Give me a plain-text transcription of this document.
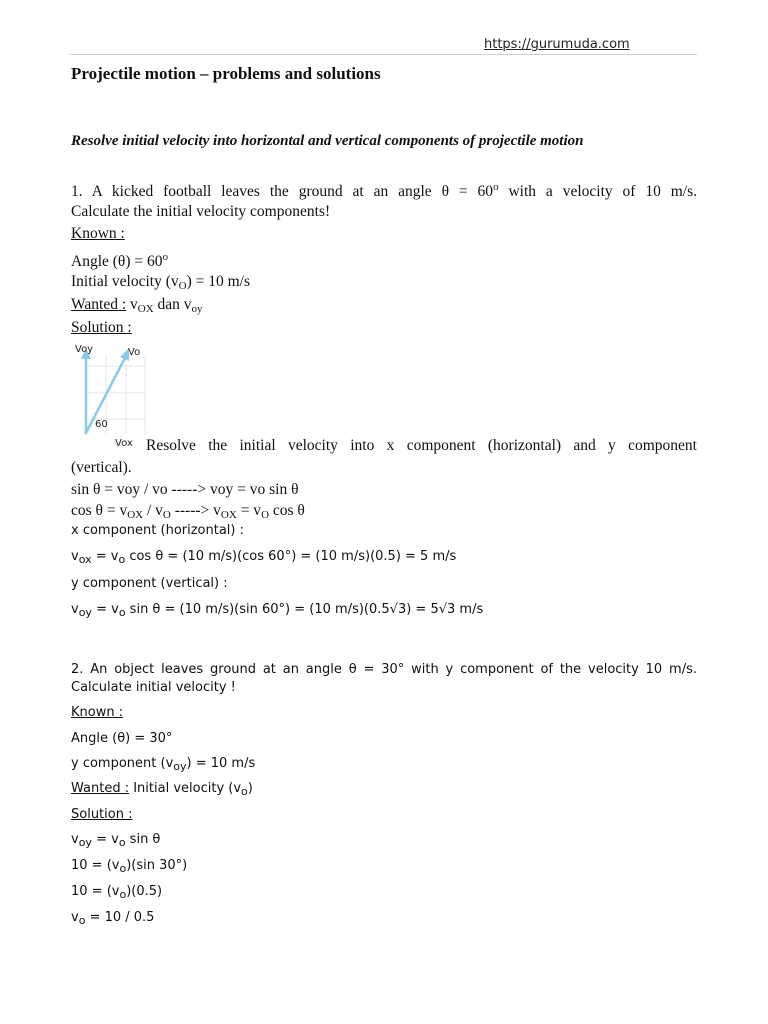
https://gurumuda.com
Projectile motion – problems and solutions
Resolve initial velocity into horizontal and vertical components of projectile motion
1. A kicked football leaves the ground at an angle $\theta = 60^o$ with a velocity of 10 m/s.
Calculate the initial velocity components!
Known :
Angle $(\theta) = 60^o$
Initial velocity $(v_O) = 10$ m/s
Wanted : $v_{OX}$ dan $v_{oy}$
Solution :
Voy	Vo
60
Vox Resolve the initial velocity into x component (horizontal) and y component
(vertical).
sin θ = voy / vo -----> voy = vo sin θ
$\cos \theta = v_{OX} / v_O$ -----> $v_{OX} = v_O$ cos θ
x component (horizontal) :
$v_{ox} = v_o$ cos θ = (10 m/s)(cos 60°) = (10 m/s)(0.5) = 5 m/s
y component (vertical) :
$v_{oy} = v_o$ sin θ = (10 m/s)(sin 60°) = (10 m/s)(0.5√3) = 5√3 m/s
2. An object leaves ground at an angle θ = 30° with y component of the velocity 10 m/s.
Calculate initial velocity !
Known :
Angle (θ) = 30°
y component $(v_{oy}) = 10$ m/s
Wanted : Initial velocity $(v_o)$
Solution :
$v_{oy} = v_o$ sin θ
$10 = (v_o)(\sin$ 30°)
$10 = (v_o)(0.5)$
$v_o = 10 / 0.5$
